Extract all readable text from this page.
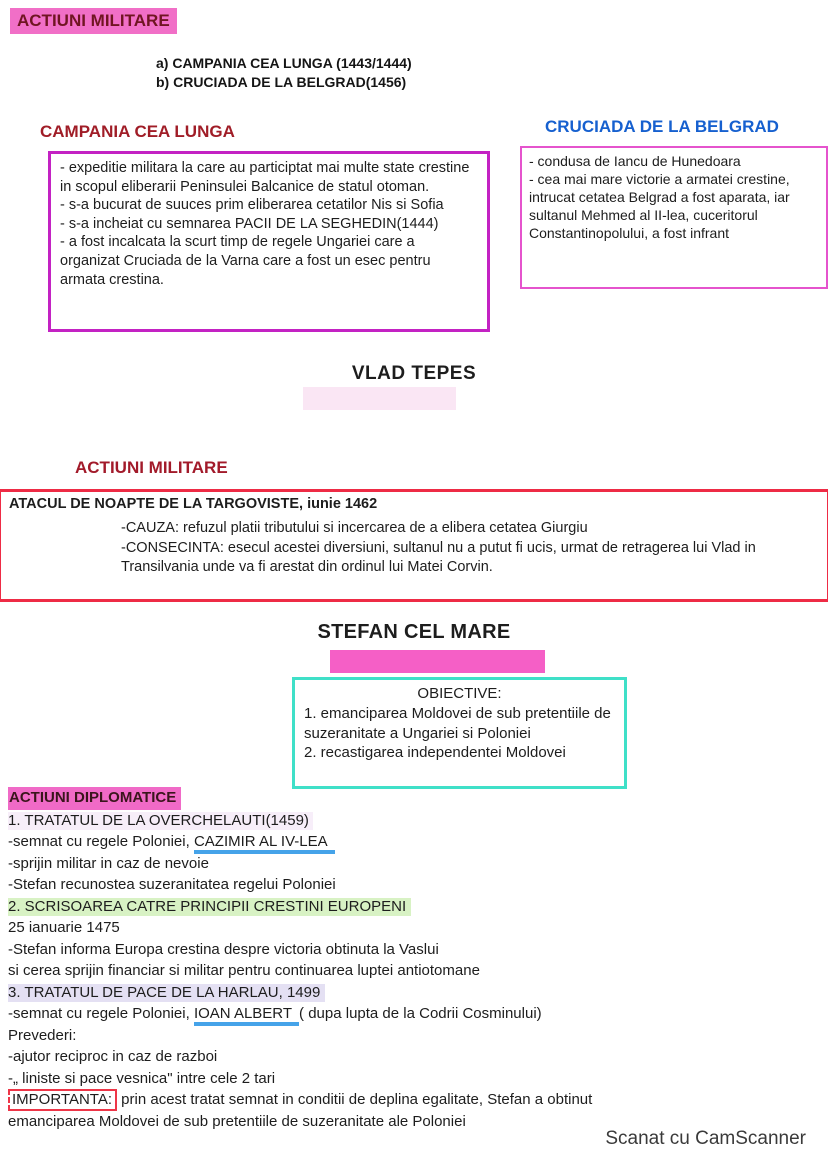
ACTIUNI MILITARE
a) CAMPANIA CEA LUNGA (1443/1444)
b) CRUCIADA DE LA BELGRAD(1456)
CAMPANIA CEA LUNGA	CRUCIADA DE LA BELGRAD

- expeditie militara la care au participtat mai multe state crestine in scopul eliberarii Peninsulei Balcanice de statul otoman.

- s-a bucurat de suuces prim eliberarea cetatilor Nis si Sofia

- s-a incheiat cu semnarea PACII DE LA SEGHEDIN(1444)

- a fost incalcata la scurt timp de regele Ungariei care a organizat Cruciada de la Varna care a fost un esec pentru armata crestina.

- condusa de Iancu de Hunedoara

- cea mai mare victorie a armatei crestine, intrucat cetatea Belgrad a fost aparata, iar sultanul Mehmed al II-lea, cuceritorul Constantinopolului, a fost infrant

VLAD TEPES
ACTIUNI MILITARE
ATACUL DE NOAPTE DE LA TARGOVISTE, iunie 1462
-CAUZA: refuzul platii tributului si incercarea de a elibera cetatea Giurgiu
-CONSECINTA: esecul acestei diversiuni, sultanul nu a putut fi ucis, urmat de retragerea lui Vlad in Transilvania unde va fi arestat din ordinul lui Matei Corvin.
STEFAN CEL MARE
OBIECTIVE:
1. emanciparea Moldovei de sub pretentiile de suzeranitate a Ungariei si Poloniei
2. recastigarea independentei Moldovei
ACTIUNI DIPLOMATICE
1. TRATATUL DE LA OVERCHELAUTI(1459)
-semnat cu regele Poloniei, CAZIMIR AL IV-LEA
-sprijin militar in caz de nevoie
-Stefan recunostea suzeranitatea regelui Poloniei
2. SCRISOAREA CATRE PRINCIPII CRESTINI EUROPENI
25 ianuarie 1475
-Stefan informa Europa crestina despre victoria obtinuta la Vaslui
si cerea sprijin financiar si militar pentru continuarea luptei antiotomane
3. TRATATUL DE PACE DE LA HARLAU, 1499
-semnat cu regele Poloniei, IOAN ALBERT ( dupa lupta de la Codrii Cosminului)
Prevederi:
-ajutor reciproc in caz de razboi
-„ liniste si pace vesnica" intre cele 2 tari
IMPORTANTA: prin acest tratat semnat in conditii de deplina egalitate, Stefan a obtinut
emanciparea Moldovei de sub pretentiile de suzeranitate ale Poloniei
Scanat cu CamScanner
